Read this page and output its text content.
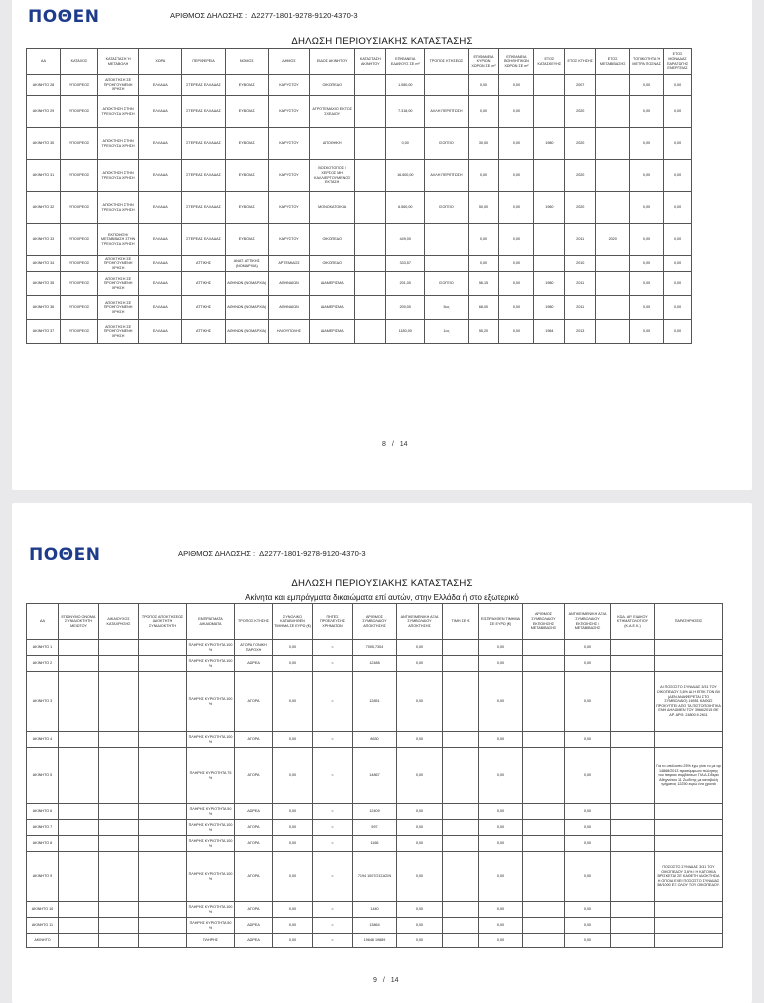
ΠΟΘΕΝ	ΑΡΙΘΜΟΣ ΔΗΛΩΣΗΣ : Δ2277-1801-9278-9120-4370-3
ΔΗΛΩΣΗ ΠΕΡΙΟΥΣΙΑΚΗΣ ΚΑΤΑΣΤΑΣΗΣ
ΑΑ	ΚΑΤΑΧΟΣ	ΚΑΤΑΣΤΑΣΗ Ή ΜΕΤΑΒΟΛΗ	ΧΩΡΑ	ΠΕΡΙΦΕΡΕΙΑ	ΝΟΜΟΣ	ΔΗΜΟΣ	ΕΙΔΟΣ ΑΚΙΝΗΤΟΥ	ΚΑΤΑΣΤΑΣΗ ΑΚΙΝΗΤΟΥ	ΕΠΙΦΑΝΕΙΑ ΕΔΑΦΟΥΣ ΣΕ m²	ΤΡΟΠΟΣ ΚΤΗΣΕΩΣ	ΕΠΙΦΑΝΕΙΑ ΚΥΡΙΩΝ ΧΩΡΩΝ ΣΕ m²	ΕΠΙΦΑΝΕΙΑ ΒΟΗΘΗΤΙΚΩΝ ΧΩΡΩΝ ΣΕ m²	ΕΤΟΣ ΚΑΤΑΣΚΕΥΗΣ	ΕΤΟΣ ΚΤΗΣΗΣ	ΕΤΟΣ ΜΕΤΑΒΙΒΑΣΗΣ	ΤΟΠΙΚΟΤΗΤΑ Ή ΜΕΤΡΑ ΠΟΣΝΑΣ	ΕΤΟΣ ΜΟΝΑΔΑΣ ΠΑΡΑΓΩΓΗΣ ΕΝΕΡΓΕΙΑΣ
ΑΚΙΝΗΤΟ 28	ΥΠΟΧΡΕΟΣ	ΑΠΟΚΤΗΣΗ ΣΕ ΠΡΟΗΓΟΥΜΕΝΗ ΧΡΗΣΗ	ΕΛΛΑΔΑ	ΣΤΕΡΕΑΣ ΕΛΛΑΔΑΣ	ΕΥΒΟΙΑΣ	ΚΑΡΥΣΤΟΥ	ΟΙΚΟΠΕΔΟ		1.080,00		0,00	0,00		2007		0,00	0,00
ΑΚΙΝΗΤΟ 29	ΥΠΟΧΡΕΟΣ	ΑΠΟΚΤΗΣΗ ΣΤΗΝ ΤΡΕΧΟΥΣΑ ΧΡΗΣΗ	ΕΛΛΑΔΑ	ΣΤΕΡΕΑΣ ΕΛΛΑΔΑΣ	ΕΥΒΟΙΑΣ	ΚΑΡΥΣΤΟΥ	ΑΓΡΟΤΕΜΑΧΙΟ ΕΚΤΟΣ ΣΧΕΔΙΟΥ		7.318,00	ΑΛΛΗ ΠΕΡΙΠΤΩΣΗ	0,00	0,00		2020		0,00	0,00
ΑΚΙΝΗΤΟ 30	ΥΠΟΧΡΕΟΣ	ΑΠΟΚΤΗΣΗ ΣΤΗΝ ΤΡΕΧΟΥΣΑ ΧΡΗΣΗ	ΕΛΛΑΔΑ	ΣΤΕΡΕΑΣ ΕΛΛΑΔΑΣ	ΕΥΒΟΙΑΣ	ΚΑΡΥΣΤΟΥ	ΑΠΟΘΗΚΗ		0,00	ΙΣΟΓΕΙΟ	30,00	0,00	1980	2020		0,00	0,00
ΑΚΙΝΗΤΟ 31	ΥΠΟΧΡΕΟΣ	ΑΠΟΚΤΗΣΗ ΣΤΗΝ ΤΡΕΧΟΥΣΑ ΧΡΗΣΗ	ΕΛΛΑΔΑ	ΣΤΕΡΕΑΣ ΕΛΛΑΔΑΣ	ΕΥΒΟΙΑΣ	ΚΑΡΥΣΤΟΥ	ΒΟΣΚΟΤΟΠΟΣ / ΧΕΡΣΟΣ ΜΗ ΚΑΛΛΙΕΡΓΟΥΜΕΝΟΣ ΕΚΤΑΣΗ		16.600,00	ΑΛΛΗ ΠΕΡΙΠΤΩΣΗ	0,00	0,00		2020		0,00	0,00
ΑΚΙΝΗΤΟ 32	ΥΠΟΧΡΕΟΣ	ΑΠΟΚΤΗΣΗ ΣΤΗΝ ΤΡΕΧΟΥΣΑ ΧΡΗΣΗ	ΕΛΛΑΔΑ	ΣΤΕΡΕΑΣ ΕΛΛΑΔΑΣ	ΕΥΒΟΙΑΣ	ΚΑΡΥΣΤΟΥ	ΜΟΝΟΚΑΤΟΙΚΙΑ		6.560,00	ΙΣΟΓΕΙΟ	50,00	0,00	1960	2020		0,00	0,00
ΑΚΙΝΗΤΟ 33	ΥΠΟΧΡΕΟΣ	ΕΚΠΟΙΗΣΗ/ΜΕΤΑΒΙΒΑΣΗ ΣΤΗΝ ΤΡΕΧΟΥΣΑ ΧΡΗΣΗ	ΕΛΛΑΔΑ	ΣΤΕΡΕΑΣ ΕΛΛΑΔΑΣ	ΕΥΒΟΙΑΣ	ΚΑΡΥΣΤΟΥ	ΟΙΚΟΠΕΔΟ		449,00		0,00	0,00		2011	2020	0,00	0,00
ΑΚΙΝΗΤΟ 34	ΥΠΟΧΡΕΟΣ	ΑΠΟΚΤΗΣΗ ΣΕ ΠΡΟΗΓΟΥΜΕΝΗ ΧΡΗΣΗ	ΕΛΛΑΔΑ	ΑΤΤΙΚΗΣ	ΑΝΑΤ. ΑΤΤΙΚΗΣ (ΝΟΜΑΡΧΙΑ)	ΑΡΤΕΜΙΔΟΣ	ΟΙΚΟΠΕΔΟ		333,57		0,00	0,00		2010		0,00	0,00
ΑΚΙΝΗΤΟ 35	ΥΠΟΧΡΕΟΣ	ΑΠΟΚΤΗΣΗ ΣΕ ΠΡΟΗΓΟΥΜΕΝΗ ΧΡΗΣΗ	ΕΛΛΑΔΑ	ΑΤΤΙΚΗΣ	ΑΘΗΝΩΝ (ΝΟΜΑΡΧΙΑ)	ΑΘΗΝΑΙΩΝ	ΔΙΑΜΕΡΙΣΜΑ		201,00	ΙΣΟΓΕΙΟ	56,15	0,00	1980	2011		0,00	0,00
ΑΚΙΝΗΤΟ 36	ΥΠΟΧΡΕΟΣ	ΑΠΟΚΤΗΣΗ ΣΕ ΠΡΟΗΓΟΥΜΕΝΗ ΧΡΗΣΗ	ΕΛΛΑΔΑ	ΑΤΤΙΚΗΣ	ΑΘΗΝΩΝ (ΝΟΜΑΡΧΙΑ)	ΑΘΗΝΑΙΩΝ	ΔΙΑΜΕΡΙΣΜΑ		200,00	5ος	68,00	0,00	1980	2011		0,00	0,00
ΑΚΙΝΗΤΟ 37	ΥΠΟΧΡΕΟΣ	ΑΠΟΚΤΗΣΗ ΣΕ ΠΡΟΗΓΟΥΜΕΝΗ ΧΡΗΣΗ	ΕΛΛΑΔΑ	ΑΤΤΙΚΗΣ	ΑΘΗΝΩΝ (ΝΟΜΑΡΧΙΑ)	ΗΛΙΟΥΠΟΛΗΣ	ΔΙΑΜΕΡΙΣΜΑ		1180,00	1ος	55,20	0,00	1984	2013		0,00	0,00
8 / 14
ΠΟΘΕΝ	ΑΡΙΘΜΟΣ ΔΗΛΩΣΗΣ : Δ2277-1801-9278-9120-4370-3
ΔΗΛΩΣΗ ΠΕΡΙΟΥΣΙΑΚΗΣ ΚΑΤΑΣΤΑΣΗΣ
Ακίνητα και εμπράγματα δικαιώματα επί αυτών, στην Ελλάδα ή στο εξωτερικό
ΑΑ	ΕΠΩΝΥΜΟ ΟΝΟΜΑ ΣΥΝΙΔΙΟΚΤΗΤΗ ΜΕΙΩΤΟΥ	ΔΙΚΑΙΟΥΧΟΣ ΚΑΤΑΧΡΗΣΗΣ	ΤΡΟΠΟΣ ΑΠΟΚΤΗΣΕΩΣ ΙΔΙΟΚΤΗΤΗ ΣΥΝΙΔΙΟΚΤΗΤΗ	ΕΜΠΡΑΓΜΑΤΑ ΔΙΚΑΙΩΜΑΤΑ	ΤΡΟΠΟΣ ΚΤΗΣΗΣ	ΣΥΝΟΛΙΚΟ ΚΑΤΑΒΛΗΘΕΝ ΤΙΜΗΜΑ ΣΕ ΕΥΡΩ (€)	ΠΗΓΕΣ ΠΡΟΕΛΕΥΣΗΣ ΧΡΗΜΑΤΩΝ	ΑΡΙΘΜΟΣ ΣΥΜΒΟΛΑΙΟΥ ΑΠΟΚΤΗΣΗΣ	ΑΝΤΙΚΕΙΜΕΝΙΚΗ ΑΞΙΑ ΣΥΜΒΟΛΑΙΟΥ ΑΠΟΚΤΗΣΗΣ	ΤΙΜΗ ΣΕ €	ΕΙΣΠΡΑΧΘΕΝ ΤΙΜΗΜΑ ΣΕ ΕΥΡΩ (€)	ΑΡΙΘΜΟΣ ΣΥΜΒΟΛΑΙΟΥ ΕΚΠΟΙΗΣΗΣ ΜΕΤΑΒΙΒΑΣΗΣ	ΑΝΤΙΚΕΙΜΕΝΙΚΗ ΑΞΙΑ ΣΥΜΒΟΛΑΙΟΥ ΕΚΠΟΙΗΣΗΣ / ΜΕΤΑΒΙΒΑΣΗΣ	ΚΩΔ. ΑΡ. ΕΙΔΙΚΟΥ ΚΤΗΜΑΤΟΛΟΓΙΟΥ (Κ.Α.Ε.Κ.)	ΠΑΡΑΤΗΡΗΣΕΙΣ
ΑΚΙΝΗΤΟ 1				ΠΛΗΡΗΣ ΚΥΡΙΟΤΗΤΑ 100 %	ΑΓΟΡΑ ΓΟΝΙΚΗ ΠΑΡΟΧΗ	0,00	=	7005,7304	0,00		0,00		0,00		
ΑΚΙΝΗΤΟ 2				ΠΛΗΡΗΣ ΚΥΡΙΟΤΗΤΑ 100 %	ΔΩΡΕΑ	0,00	=	12488	0,00		0,00		0,00		
ΑΚΙΝΗΤΟ 3				ΠΛΗΡΗΣ ΚΥΡΙΟΤΗΤΑ 100 %	ΑΓΟΡΑ	0,00	=	12851	0,00		0,00		0,00		ΑΙ ΠΟΣΟΣΤΟ ΣΥΝΙΔΙΑΣ 3/31 ΤΟΥ ΟΙΚΟΠΕΔΟΥ 3,6% ΔΙ.Η ΕΠΙΚ.ΤΟΝ ΒΛ (ΔΕΝ ΑΝΑΦΕΡΕΤΑΙ ΣΤΟ ΣΥΜΒΟΛΑΙΟ) 16951 ΚΑΘΩΣ ΠΡΟΚΥΠΤΕΙ ΑΠΟ ΤΑ ΠΙΣΤΟΠΟΙΗΤΙΚΑ ΕΝΗ ΔΗΛΩΜΕΝ ΤΟΥ 3966/2015 ΘΕ ΑΡ. ΑΡΘ. 24800.9.2611
ΑΚΙΝΗΤΟ 4				ΠΛΗΡΗΣ ΚΥΡΙΟΤΗΤΑ 100 %	ΑΓΟΡΑ	0,00	=	8630	0,00		0,00		0,00		
ΑΚΙΝΗΤΟ 5				ΠΛΗΡΗΣ ΚΥΡΙΟΤΗΤΑ 75 %	ΑΓΟΡΑ	0,00	=	14867	0,00		0,00		0,00		Για το υπόλοιπο 25% έχω γίνει το με αρ 14868/2013 προσύμφωνο πώλησης του ίτσφαιο συμβάσεων ΓΙΑ Δ.Σιδερα Αθηγνάτου 11 Ζωίδνης με καταβολή τμήματος 12250 ευρώ ένα χρονιά
ΑΚΙΝΗΤΟ 6				ΠΛΗΡΗΣ ΚΥΡΙΟΤΗΤΑ 50 %	ΔΩΡΕΑ	0,00	=	12409	0,00		0,00		0,00		
ΑΚΙΝΗΤΟ 7				ΠΛΗΡΗΣ ΚΥΡΙΟΤΗΤΑ 100 %	ΑΓΟΡΑ	0,00	=	597	0,00		0,00		0,00		
ΑΚΙΝΗΤΟ 8				ΠΛΗΡΗΣ ΚΥΡΙΟΤΗΤΑ 100 %	ΑΓΟΡΑ	0,00	=	1166	0,00		0,00		0,00		
ΑΚΙΝΗΤΟ 9				ΠΛΗΡΗΣ ΚΥΡΙΟΤΗΤΑ 100 %	ΑΓΟΡΑ	0,00	=	7194 1007/21ΣΑΣΙΝ	0,00		0,00		0,00		ΠΟΣΟΣΤΟ ΣΥΝΙΔΙΑΣ 3/31 ΤΟΥ ΟΙΚΟΠΕΔΟΥ 3,6% Ι Η ΚΑΤΟΙΚΙΑ ΒΡΙΣΚΕΤΑΙ ΣΕ ΚΑΘΕΤΗ ΙΔΙΟΚΤΗΣΙΑ Η ΟΠΟΙΑ ΕΧΕΙ ΠΟΣΟΣΤΟ ΣΥΝΙΔΙΑΣ 58/1000 ΕΞ ΟΛΟΥ ΤΟΥ ΟΙΚΟΠΕΔΟΥ.
ΑΚΙΝΗΤΟ 10				ΠΛΗΡΗΣ ΚΥΡΙΟΤΗΤΑ 100 %	ΑΓΟΡΑ	0,00	=	1440	0,00		0,00		0,00		
ΑΚΙΝΗΤΟ 11				ΠΛΗΡΗΣ ΚΥΡΙΟΤΗΤΑ 50 %	ΔΩΡΕΑ	0,00	=	13864	0,00		0,00		0,00		
ΑΚΙΝΗΤΟ				ΠΛΗΡΗΣ	ΔΩΡΕΑ	0,00	=	19648 19889	0,00		0,00		0,00		
9 / 14
